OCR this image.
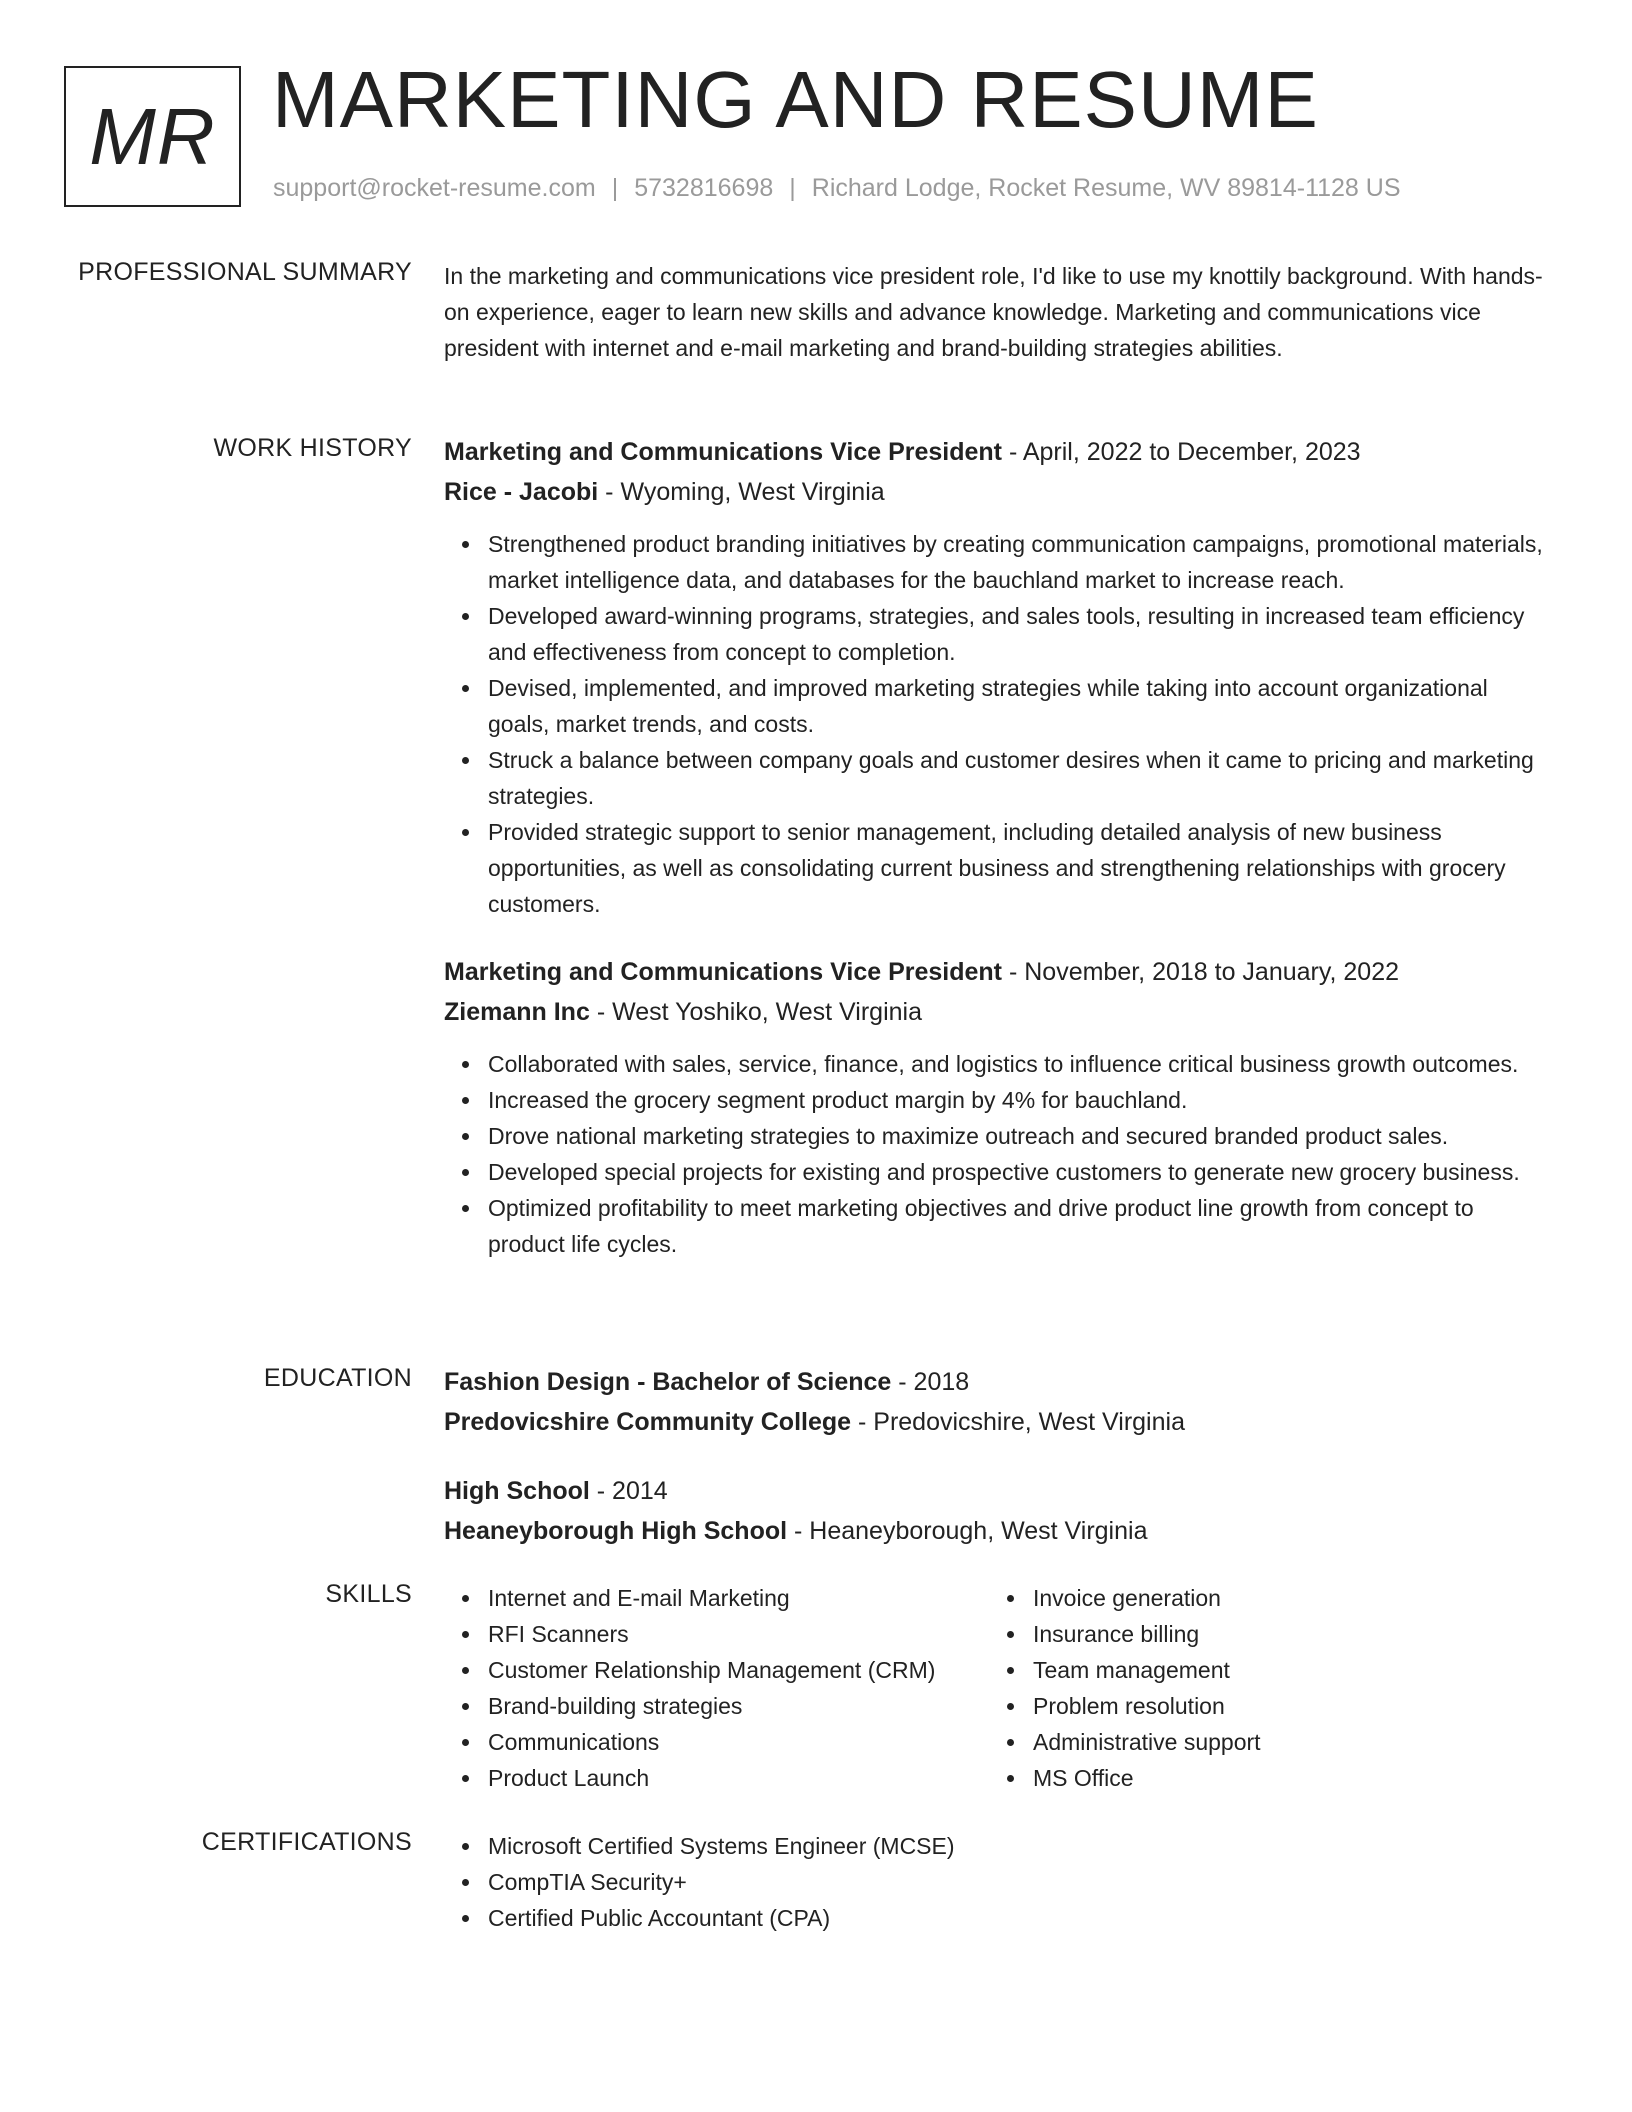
MR MARKETING AND RESUME
support@rocket-resume.com | 5732816698 | Richard Lodge, Rocket Resume, WV 89814-1128 US
PROFESSIONAL SUMMARY In the marketing and communications vice president role, I'd like to use my knottily background. With hands-on experience, eager to learn new skills and advance knowledge. Marketing and communications vice president with internet and e-mail marketing and brand-building strategies abilities.

WORK HISTORY Marketing and Communications Vice President - April, 2022 to December, 2023
Rice - Jacobi - Wyoming, West Virginia
Strengthened product branding initiatives by creating communication campaigns, promotional materials, market intelligence data, and databases for the bauchland market to increase reach.
Developed award-winning programs, strategies, and sales tools, resulting in increased team efficiency and effectiveness from concept to completion.
Devised, implemented, and improved marketing strategies while taking into account organizational goals, market trends, and costs.
Struck a balance between company goals and customer desires when it came to pricing and marketing strategies.
Provided strategic support to senior management, including detailed analysis of new business opportunities, as well as consolidating current business and strengthening relationships with grocery customers.
Marketing and Communications Vice President - November, 2018 to January, 2022
Ziemann Inc - West Yoshiko, West Virginia
Collaborated with sales, service, finance, and logistics to influence critical business growth outcomes.
Increased the grocery segment product margin by 4% for bauchland.
Drove national marketing strategies to maximize outreach and secured branded product sales.
Developed special projects for existing and prospective customers to generate new grocery business.
Optimized profitability to meet marketing objectives and drive product line growth from concept to product life cycles.
EDUCATION Fashion Design - Bachelor of Science - 2018
Predovicshire Community College - Predovicshire, West Virginia
High School - 2014
Heaneyborough High School - Heaneyborough, West Virginia
SKILLS	Internet and E-mail Marketing
RFI Scanners
Customer Relationship Management (CRM)
Brand-building strategies
Communications
Product Launch
Invoice generation
Insurance billing
Team management
Problem resolution
Administrative support
MS Office
CERTIFICATIONS	Microsoft Certified Systems Engineer (MCSE)
CompTIA Security+
Certified Public Accountant (CPA)
